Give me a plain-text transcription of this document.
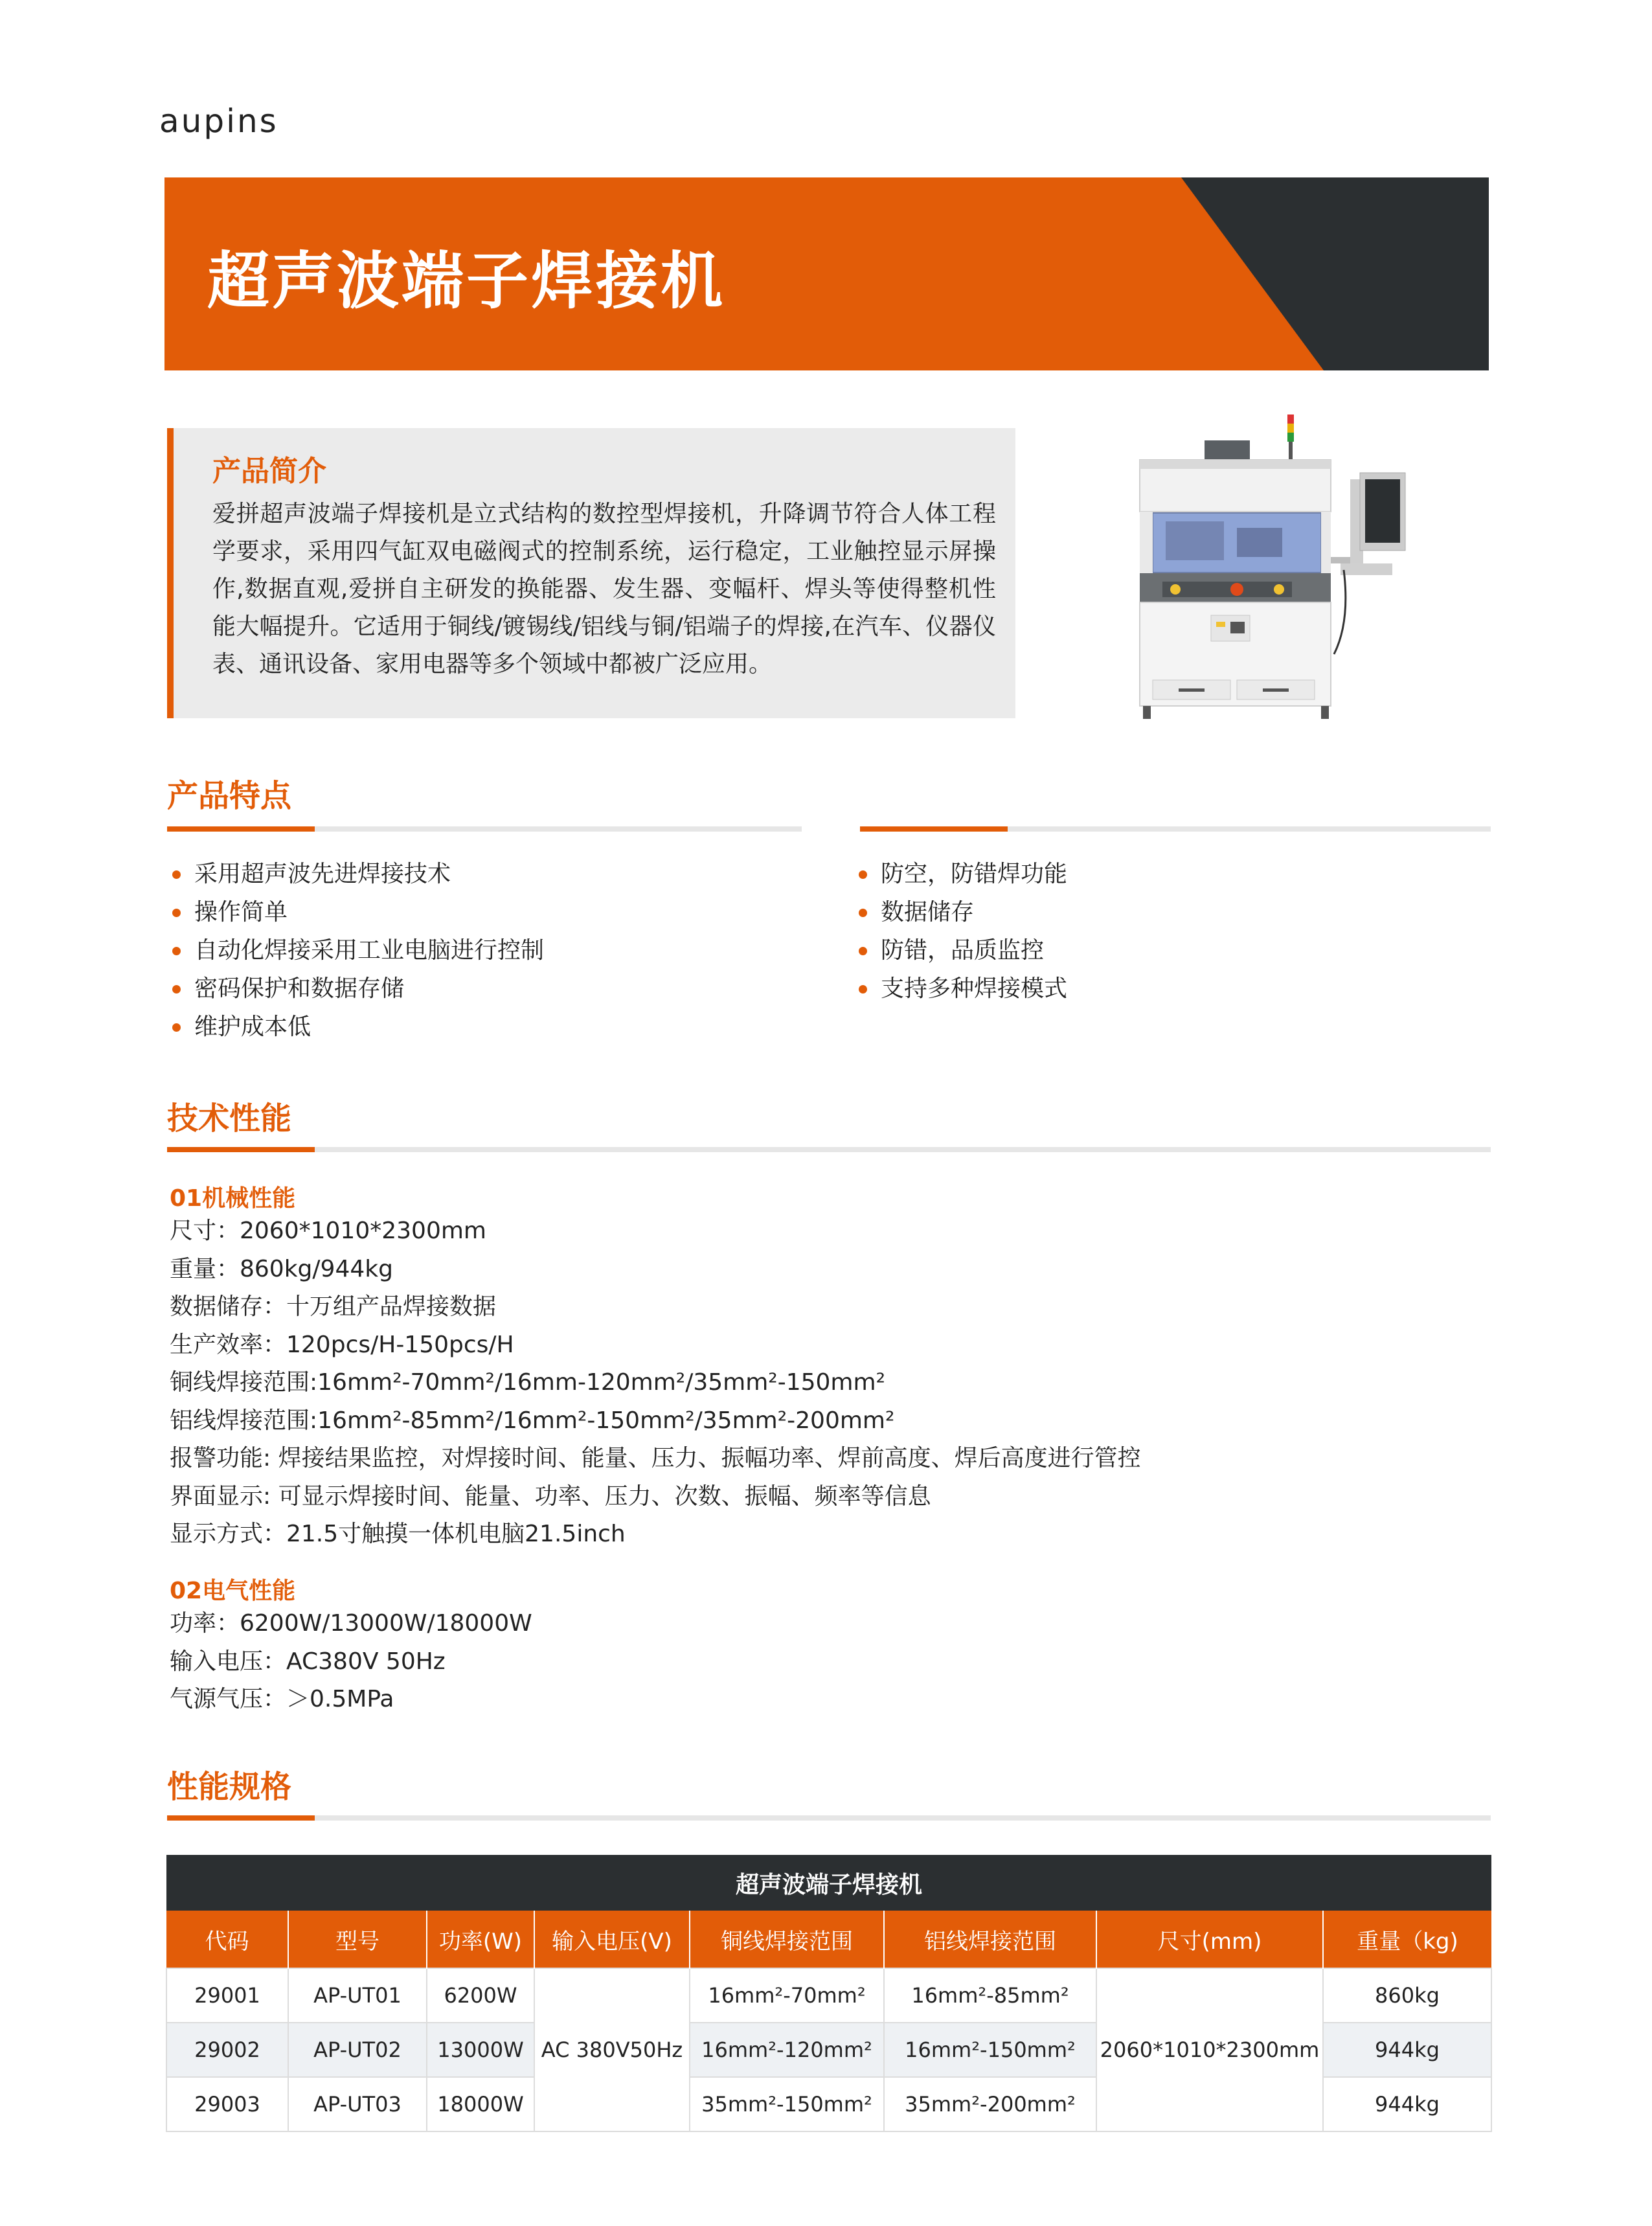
aupins
超声波端子焊接机
产品简介
爱拼超声波端子焊接机是立式结构的数控型焊接机，升降调节符合人体工程学要求，采用四气缸双电磁阀式的控制系统，运行稳定，工业触控显示屏操作,数据直观,爱拼自主研发的换能器、发生器、变幅杆、焊头等使得整机性能大幅提升。它适用于铜线/镀锡线/铝线与铜/铝端子的焊接,在汽车、仪器仪表、通讯设备、家用电器等多个领域中都被广泛应用。
产品特点
采用超声波先进焊接技术
操作简单
自动化焊接采用工业电脑进行控制
密码保护和数据存储
维护成本低
防空，防错焊功能
数据储存
防错，品质监控
支持多种焊接模式
技术性能
01机械性能
尺寸：2060*1010*2300mm
重量：860kg/944kg
数据储存：十万组产品焊接数据
生产效率：120pcs/H-150pcs/H
铜线焊接范围:16mm²-70mm²/16mm-120mm²/35mm²-150mm²
铝线焊接范围:16mm²-85mm²/16mm²-150mm²/35mm²-200mm²
报警功能: 焊接结果监控，对焊接时间、能量、压力、振幅功率、焊前高度、焊后高度进行管控
界面显示: 可显示焊接时间、能量、功率、压力、次数、振幅、频率等信息
显示方式：21.5寸触摸一体机电脑21.5inch
02电气性能
功率：6200W/13000W/18000W
输入电压：AC380V 50Hz
气源气压：＞0.5MPa
性能规格
超声波端子焊接机							
代码	型号	功率(W)	输入电压(V)	铜线焊接范围	铝线焊接范围	尺寸(mm)	重量（kg)
29001	AP-UT01	6200W	AC 380V50Hz	16mm²-70mm²	16mm²-85mm²	2060*1010*2300mm	860kg
29002	AP-UT02	13000W		16mm²-120mm²	16mm²-150mm²		944kg
29003	AP-UT03	18000W		35mm²-150mm²	35mm²-200mm²		944kg
